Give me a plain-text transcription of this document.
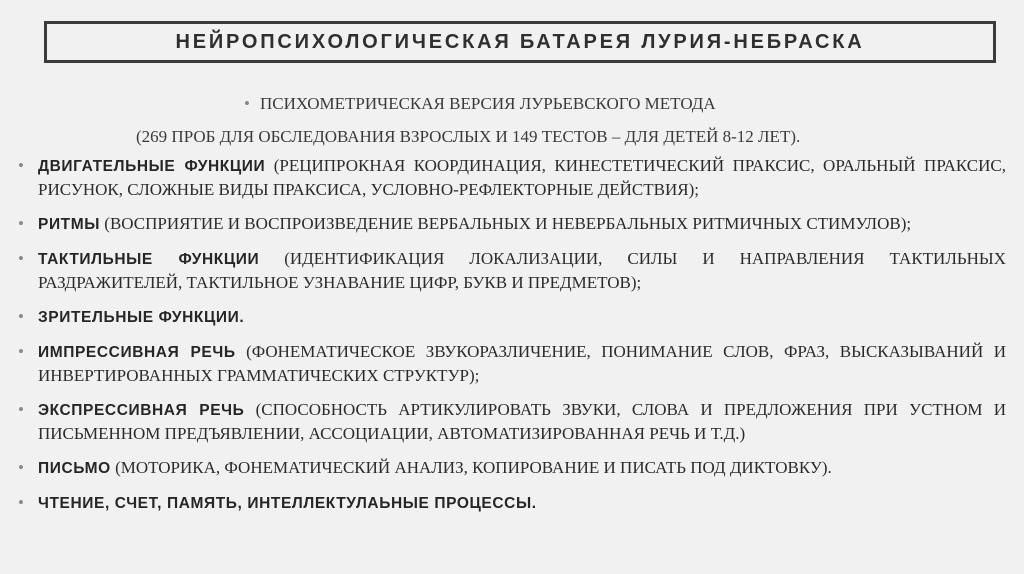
НЕЙРОПСИХОЛОГИЧЕСКАЯ БАТАРЕЯ ЛУРИЯ-НЕБРАСКА
• ПСИХОМЕТРИЧЕСКАЯ ВЕРСИЯ ЛУРЬЕВСКОГО МЕТОДА
(269 ПРОБ ДЛЯ ОБСЛЕДОВАНИЯ ВЗРОСЛЫХ И 149 ТЕСТОВ – ДЛЯ ДЕТЕЙ 8-12 ЛЕТ).
• ДВИГАТЕЛЬНЫЕ ФУНКЦИИ (РЕЦИПРОКНАЯ КООРДИНАЦИЯ, КИНЕСТЕТИЧЕСКИЙ ПРАКСИС, ОРАЛЬНЫЙ ПРАКСИС, РИСУНОК, СЛОЖНЫЕ ВИДЫ ПРАКСИСА, УСЛОВНО-РЕФЛЕКТОРНЫЕ ДЕЙСТВИЯ);
• РИТМЫ (ВОСПРИЯТИЕ И ВОСПРОИЗВЕДЕНИЕ ВЕРБАЛЬНЫХ И НЕВЕРБАЛЬНЫХ РИТМИЧНЫХ СТИМУЛОВ);
• ТАКТИЛЬНЫЕ ФУНКЦИИ (ИДЕНТИФИКАЦИЯ ЛОКАЛИЗАЦИИ, СИЛЫ И НАПРАВЛЕНИЯ ТАКТИЛЬНЫХ РАЗДРАЖИТЕЛЕЙ, ТАКТИЛЬНОЕ УЗНАВАНИЕ ЦИФР, БУКВ И ПРЕДМЕТОВ);
• ЗРИТЕЛЬНЫЕ ФУНКЦИИ.
• ИМПРЕССИВНАЯ РЕЧЬ (ФОНЕМАТИЧЕСКОЕ ЗВУКОРАЗЛИЧЕНИЕ, ПОНИМАНИЕ СЛОВ, ФРАЗ, ВЫСКАЗЫВАНИЙ И ИНВЕРТИРОВАННЫХ ГРАММАТИЧЕСКИХ СТРУКТУР);
• ЭКСПРЕССИВНАЯ РЕЧЬ (СПОСОБНОСТЬ АРТИКУЛИРОВАТЬ ЗВУКИ, СЛОВА И ПРЕДЛОЖЕНИЯ ПРИ УСТНОМ И ПИСЬМЕННОМ ПРЕДЪЯВЛЕНИИ, АССОЦИАЦИИ, АВТОМАТИЗИРОВАННАЯ РЕЧЬ И Т.Д.)
• ПИСЬМО (МОТОРИКА, ФОНЕМАТИЧЕСКИЙ АНАЛИЗ, КОПИРОВАНИЕ И ПИСАТЬ ПОД ДИКТОВКУ).
• ЧТЕНИЕ, СЧЕТ, ПАМЯТЬ, ИНТЕЛЛЕКТУЛАЬНЫЕ ПРОЦЕССЫ.
